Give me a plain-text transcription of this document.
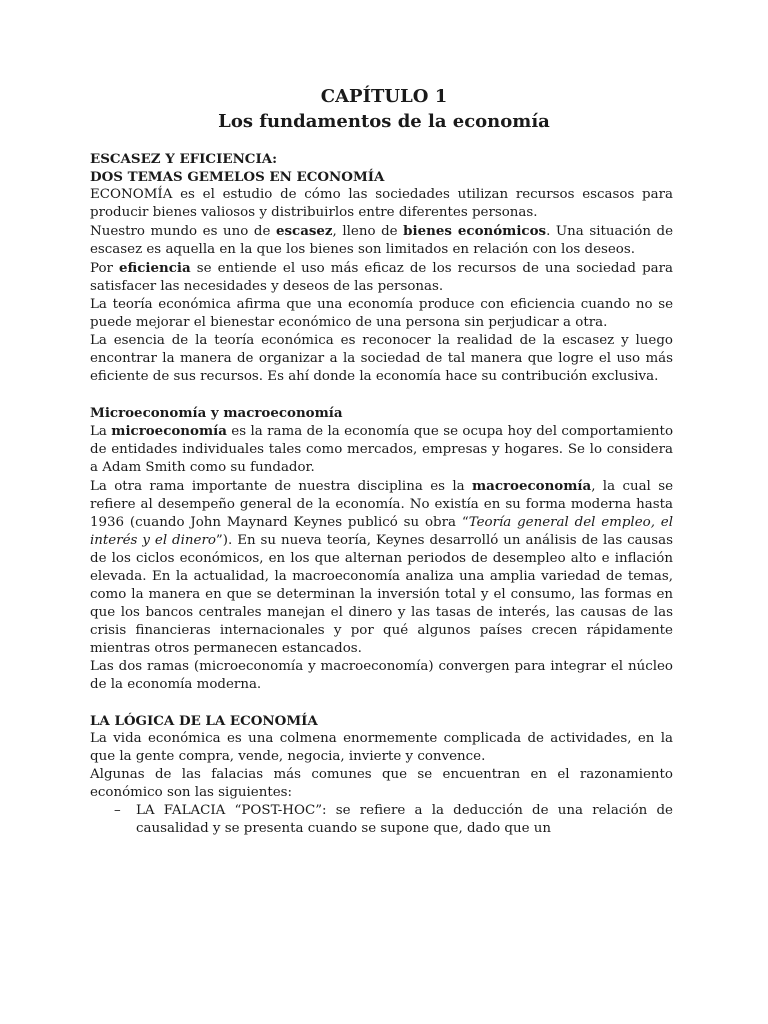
CAPÍTULO 1
Los fundamentos de la economía

ESCASEZ Y EFICIENCIA:

DOS TEMAS GEMELOS EN ECONOMÍA

ECONOMÍA es el estudio de cómo las sociedades utilizan recursos escasos para producir bienes valiosos y distribuirlos entre diferentes personas.

Nuestro mundo es uno de escasez, lleno de bienes económicos. Una situación de escasez es aquella en la que los bienes son limitados en relación con los deseos.

Por eficiencia se entiende el uso más eficaz de los recursos de una sociedad para satisfacer las necesidades y deseos de las personas.

La teoría económica afirma que una economía produce con eficiencia cuando no se puede mejorar el bienestar económico de una persona sin perjudicar a otra.

La esencia de la teoría económica es reconocer la realidad de la escasez y luego encontrar la manera de organizar a la sociedad de tal manera que logre el uso más eficiente de sus recursos. Es ahí donde la economía hace su contribución exclusiva.

Microeconomía y macroeconomía

La microeconomía es la rama de la economía que se ocupa hoy del comportamiento de entidades individuales tales como mercados, empresas y hogares. Se lo considera a Adam Smith como su fundador.

La otra rama importante de nuestra disciplina es la macroeconomía, la cual se refiere al desempeño general de la economía. No existía en su forma moderna hasta 1936 (cuando John Maynard Keynes publicó su obra “Teoría general del empleo, el interés y el dinero”). En su nueva teoría, Keynes desarrolló un análisis de las causas de los ciclos económicos, en los que alternan periodos de desempleo alto e inflación elevada. En la actualidad, la macroeconomía analiza una amplia variedad de temas, como la manera en que se determinan la inversión total y el consumo, las formas en que los bancos centrales manejan el dinero y las tasas de interés, las causas de las crisis financieras internacionales y por qué algunos países crecen rápidamente mientras otros permanecen estancados.

Las dos ramas (microeconomía y macroeconomía) convergen para integrar el núcleo de la economía moderna.

LA LÓGICA DE LA ECONOMÍA

La vida económica es una colmena enormemente complicada de actividades, en la que la gente compra, vende, negocia, invierte y convence.

Algunas de las falacias más comunes que se encuentran en el razonamiento económico son las siguientes:

– LA FALACIA “POST-HOC”: se refiere a la deducción de una relación de causalidad y se presenta cuando se supone que, dado que un
